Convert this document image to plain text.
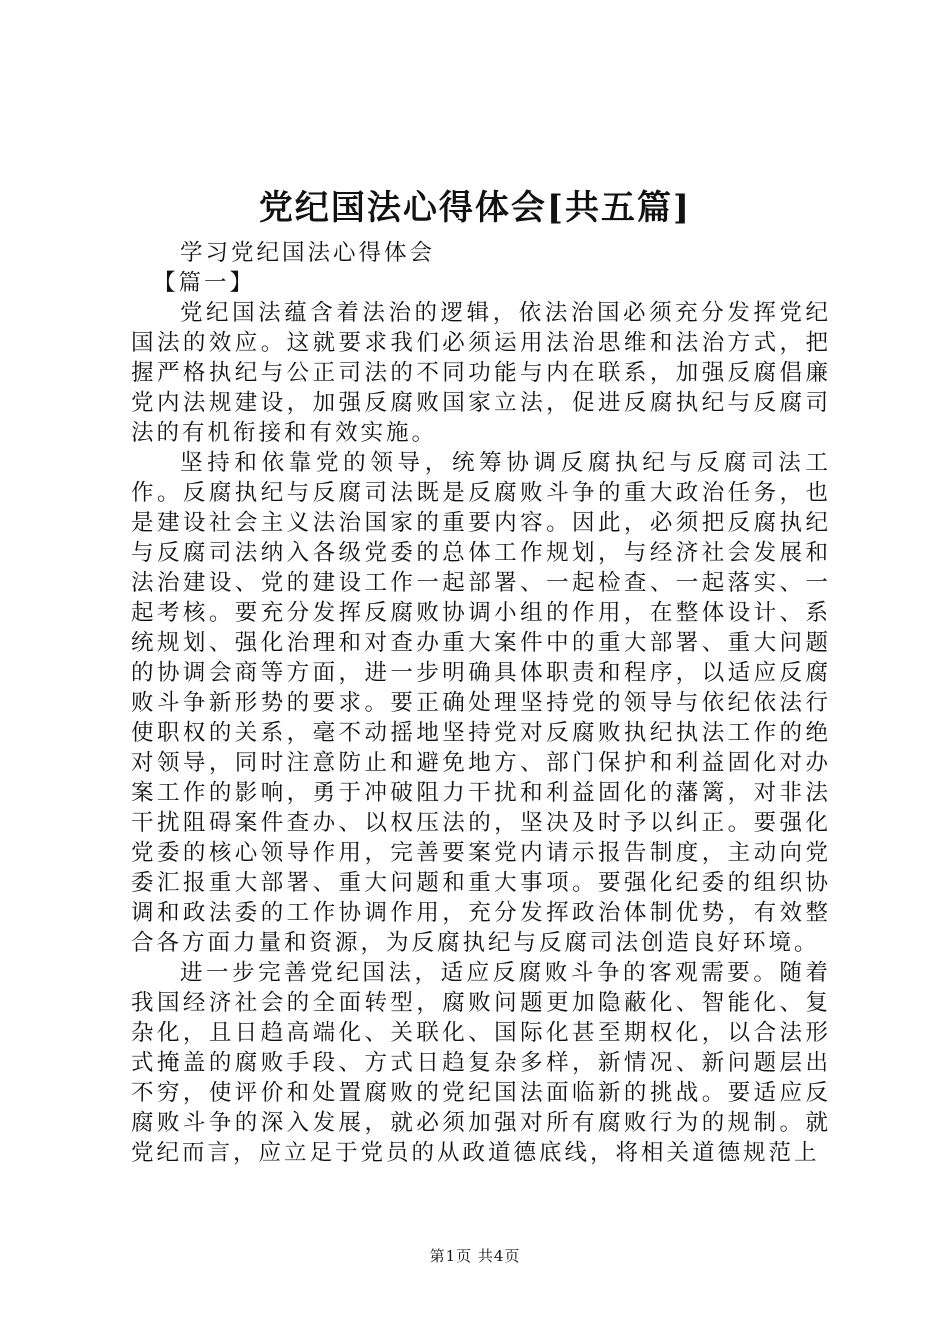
党纪国法心得体会[共五篇]

学习党纪国法心得体会

【篇一】

党纪国法蕴含着法治的逻辑，依法治国必须充分发挥党纪国法的效应。这就要求我们必须运用法治思维和法治方式，把握严格执纪与公正司法的不同功能与内在联系，加强反腐倡廉党内法规建设，加强反腐败国家立法，促进反腐执纪与反腐司法的有机衔接和有效实施。

坚持和依靠党的领导，统筹协调反腐执纪与反腐司法工作。反腐执纪与反腐司法既是反腐败斗争的重大政治任务，也是建设社会主义法治国家的重要内容。因此，必须把反腐执纪与反腐司法纳入各级党委的总体工作规划，与经济社会发展和法治建设、党的建设工作一起部署、一起检查、一起落实、一起考核。要充分发挥反腐败协调小组的作用，在整体设计、系统规划、强化治理和对查办重大案件中的重大部署、重大问题的协调会商等方面，进一步明确具体职责和程序，以适应反腐败斗争新形势的要求。要正确处理坚持党的领导与依纪依法行使职权的关系，毫不动摇地坚持党对反腐败执纪执法工作的绝对领导，同时注意防止和避免地方、部门保护和利益固化对办案工作的影响，勇于冲破阻力干扰和利益固化的藩篱，对非法干扰阻碍案件查办、以权压法的，坚决及时予以纠正。要强化党委的核心领导作用，完善要案党内请示报告制度，主动向党委汇报重大部署、重大问题和重大事项。要强化纪委的组织协调和政法委的工作协调作用，充分发挥政治体制优势，有效整合各方面力量和资源，为反腐执纪与反腐司法创造良好环境。

进一步完善党纪国法，适应反腐败斗争的客观需要。随着我国经济社会的全面转型，腐败问题更加隐蔽化、智能化、复杂化，且日趋高端化、关联化、国际化甚至期权化，以合法形式掩盖的腐败手段、方式日趋复杂多样，新情况、新问题层出不穷，使评价和处置腐败的党纪国法面临新的挑战。要适应反腐败斗争的深入发展，就必须加强对所有腐败行为的规制。就党纪而言，应立足于党员的从政道德底线，将相关道德规范上

第1页 共4页
